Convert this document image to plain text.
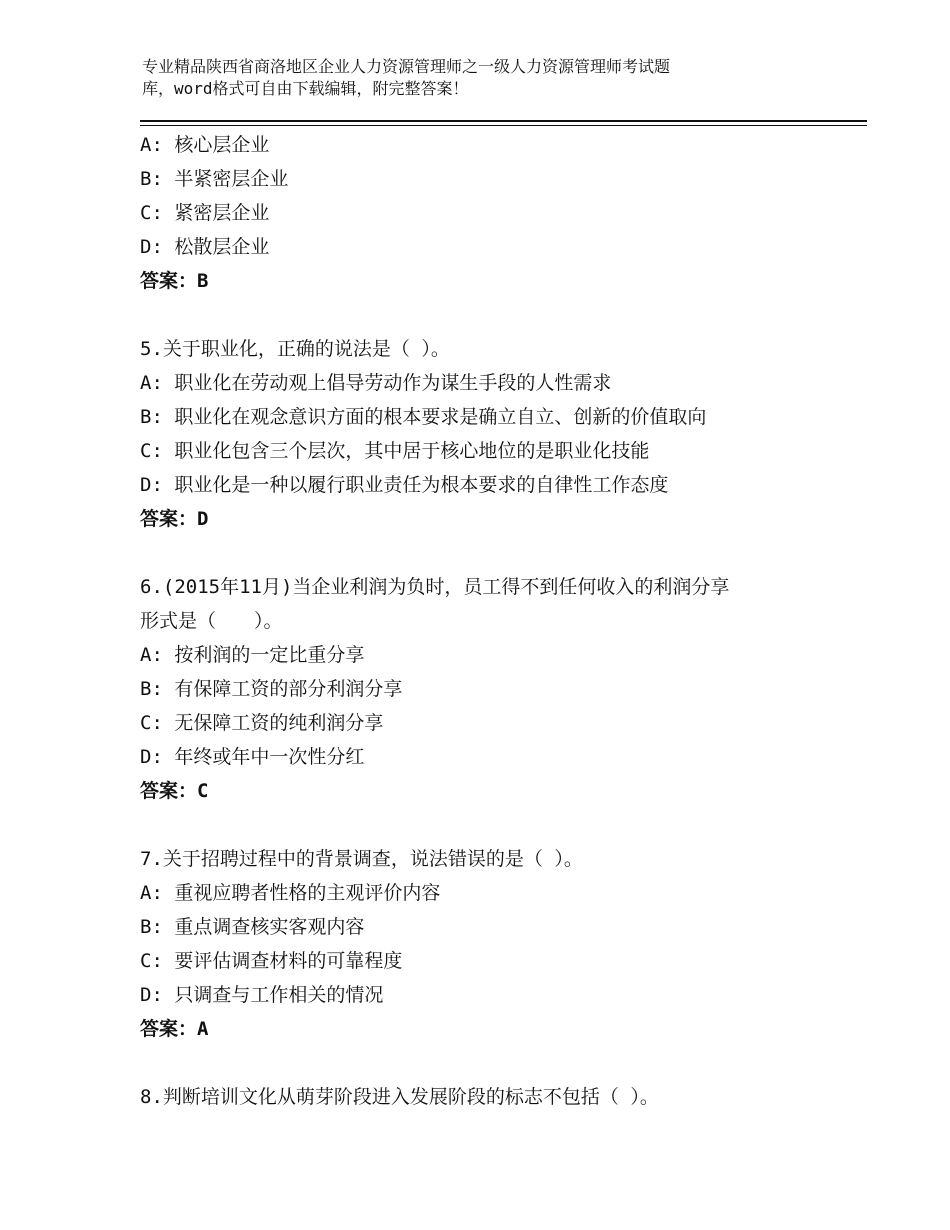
专业精品陕西省商洛地区企业人力资源管理师之一级人力资源管理师考试题
库，word格式可自由下载编辑，附完整答案！
A: 核心层企业
B: 半紧密层企业
C: 紧密层企业
D: 松散层企业
答案：B
5.关于职业化，正确的说法是（ ）。
A: 职业化在劳动观上倡导劳动作为谋生手段的人性需求
B: 职业化在观念意识方面的根本要求是确立自立、创新的价值取向
C: 职业化包含三个层次，其中居于核心地位的是职业化技能
D: 职业化是一种以履行职业责任为根本要求的自律性工作态度
答案：D
6.(2015年11月)当企业利润为负时，员工得不到任何收入的利润分享
形式是（　　）。
A: 按利润的一定比重分享
B: 有保障工资的部分利润分享
C: 无保障工资的纯利润分享
D: 年终或年中一次性分红
答案：C
7.关于招聘过程中的背景调查，说法错误的是（ ）。
A: 重视应聘者性格的主观评价内容
B: 重点调查核实客观内容
C: 要评估调查材料的可靠程度
D: 只调查与工作相关的情况
答案：A
8.判断培训文化从萌芽阶段进入发展阶段的标志不包括（ ）。
